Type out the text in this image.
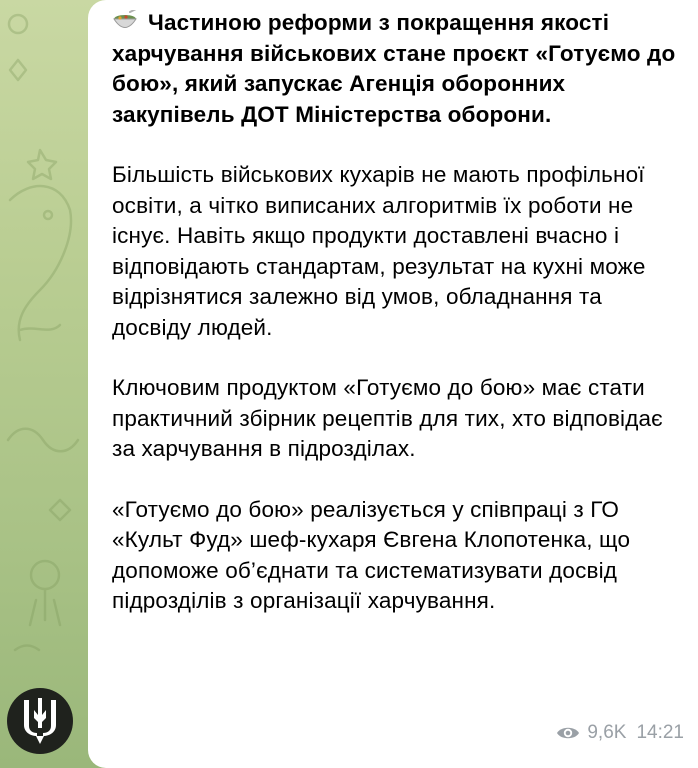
Частиною реформи з покращення якості харчування військових стане проєкт «Готуємо до бою», який запускає Агенція оборонних закупівель ДОТ Міністерства оборони.

Більшість військових кухарів не мають профільної освіти, а чітко виписаних алгоритмів їх роботи не існує. Навіть якщо продукти доставлені вчасно і відповідають стандартам, результат на кухні може відрізнятися залежно від умов, обладнання та досвіду людей.

Ключовим продуктом «Готуємо до бою» має стати практичний збірник рецептів для тих, хто відповідає за харчування в підрозділах.

«Готуємо до бою» реалізується у співпраці з ГО «Культ Фуд» шеф-кухаря Євгена Клопотенка, що допоможе об’єднати та систематизувати досвід підрозділів з організації харчування.

9,6K 14:21
